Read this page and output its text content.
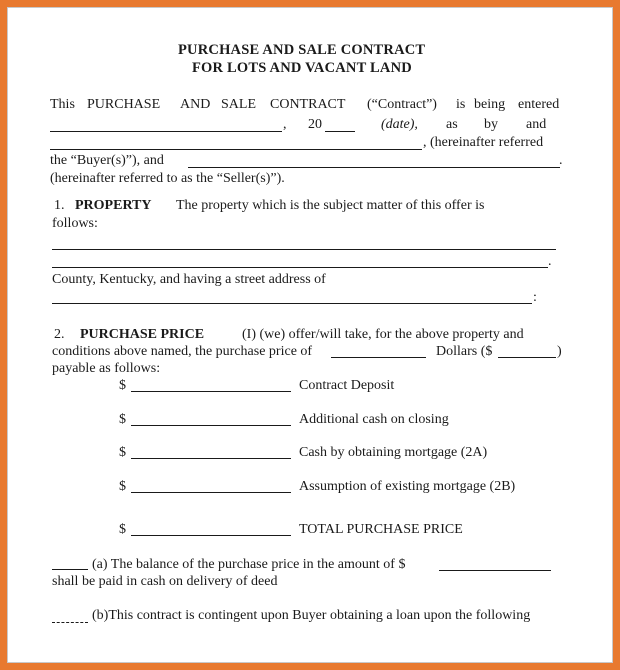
PURCHASE AND SALE CONTRACT
FOR LOTS AND VACANT LAND
This PURCHASE AND SALE CONTRACT (“Contract”) is being entered
, 20	(date), as by and
, (hereinafter referred
the “Buyer(s)”), and	.
(hereinafter referred to as the “Seller(s)”).
1. PROPERTY The property which is the subject matter of this offer is
follows:
.
County, Kentucky, and having a street address of
:
2. PURCHASE PRICE	(I) (we) offer/will take, for the above property and
conditions above named, the purchase price of	Dollars ($	)
payable as follows:
$	Contract Deposit
$	Additional cash on closing
$	Cash by obtaining mortgage (2A)
$	Assumption of existing mortgage (2B)
$	TOTAL PURCHASE PRICE
(a) The balance of the purchase price in the amount of $
shall be paid in cash on delivery of deed
(b)This contract is contingent upon Buyer obtaining a loan upon the following
